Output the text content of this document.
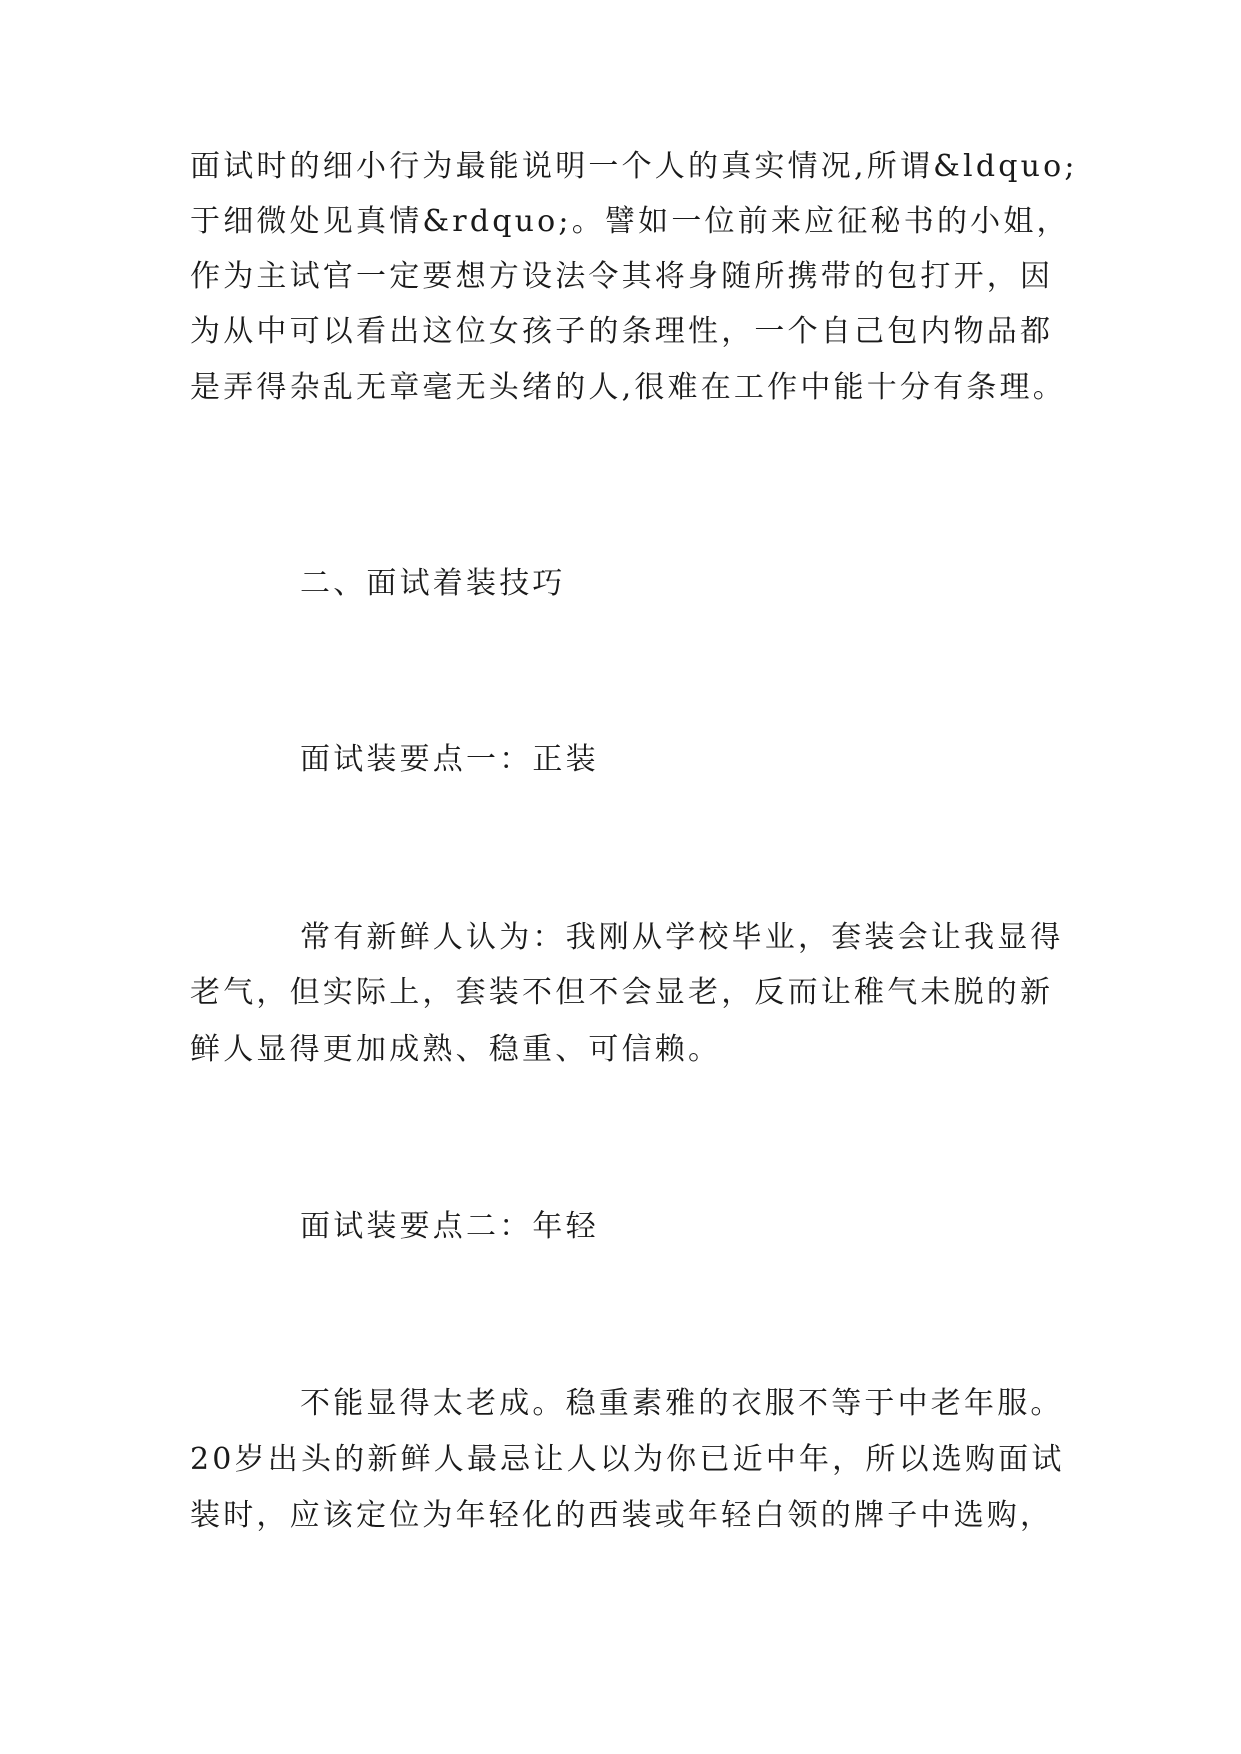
面试时的细小行为最能说明一个人的真实情况,所谓&ldquo;
于细微处见真情&rdquo;。譬如一位前来应征秘书的小姐，
作为主试官一定要想方设法令其将身随所携带的包打开，因
为从中可以看出这位女孩子的条理性，一个自己包内物品都
是弄得杂乱无章毫无头绪的人,很难在工作中能十分有条理。
二、面试着装技巧
面试装要点一：正装
常有新鲜人认为：我刚从学校毕业，套装会让我显得
老气，但实际上，套装不但不会显老，反而让稚气未脱的新
鲜人显得更加成熟、稳重、可信赖。
面试装要点二：年轻
不能显得太老成。稳重素雅的衣服不等于中老年服。
20岁出头的新鲜人最忌让人以为你已近中年，所以选购面试
装时，应该定位为年轻化的西装或年轻白领的牌子中选购，
